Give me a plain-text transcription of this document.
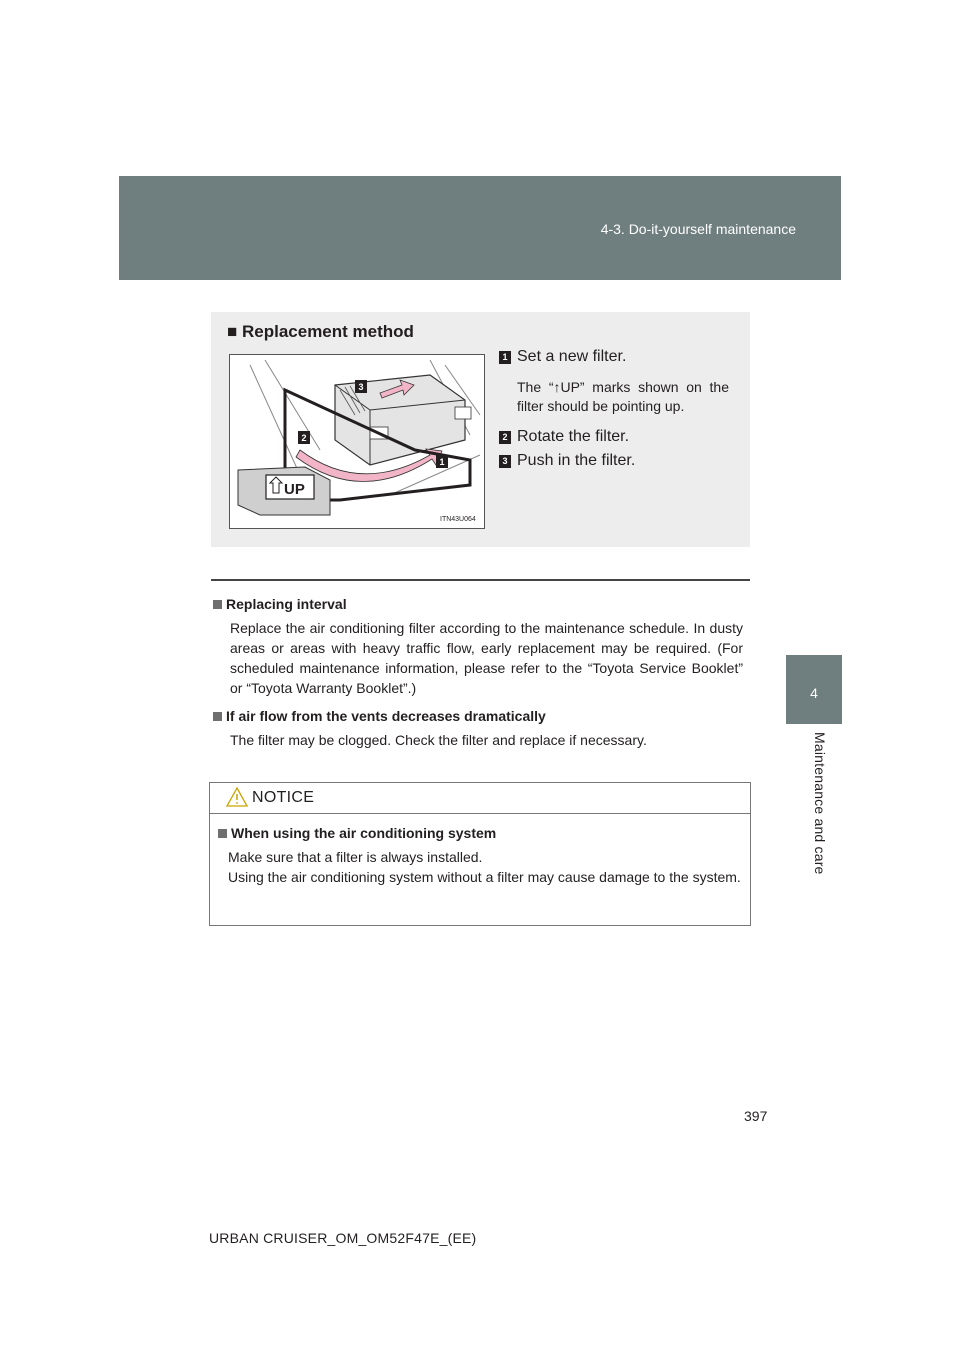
4-3. Do-it-yourself maintenance
4
Maintenance and care
■ Replacement method
3
2
1
UP
ITN43U064
1 Set a new filter.
The “↑UP” marks shown on the filter should be pointing up.
2 Rotate the filter.
3 Push in the filter.
Replacing interval
Replace the air conditioning filter according to the maintenance schedule. In dusty areas or areas with heavy traffic flow, early replacement may be required. (For scheduled maintenance information, please refer to the “Toyota Service Booklet” or “Toyota Warranty Booklet”.)
If air flow from the vents decreases dramatically
The filter may be clogged. Check the filter and replace if necessary.
NOTICE
When using the air conditioning system

Make sure that a filter is always installed.

Using the air conditioning system without a filter may cause damage to the system.

397
URBAN CRUISER_OM_OM52F47E_(EE)
